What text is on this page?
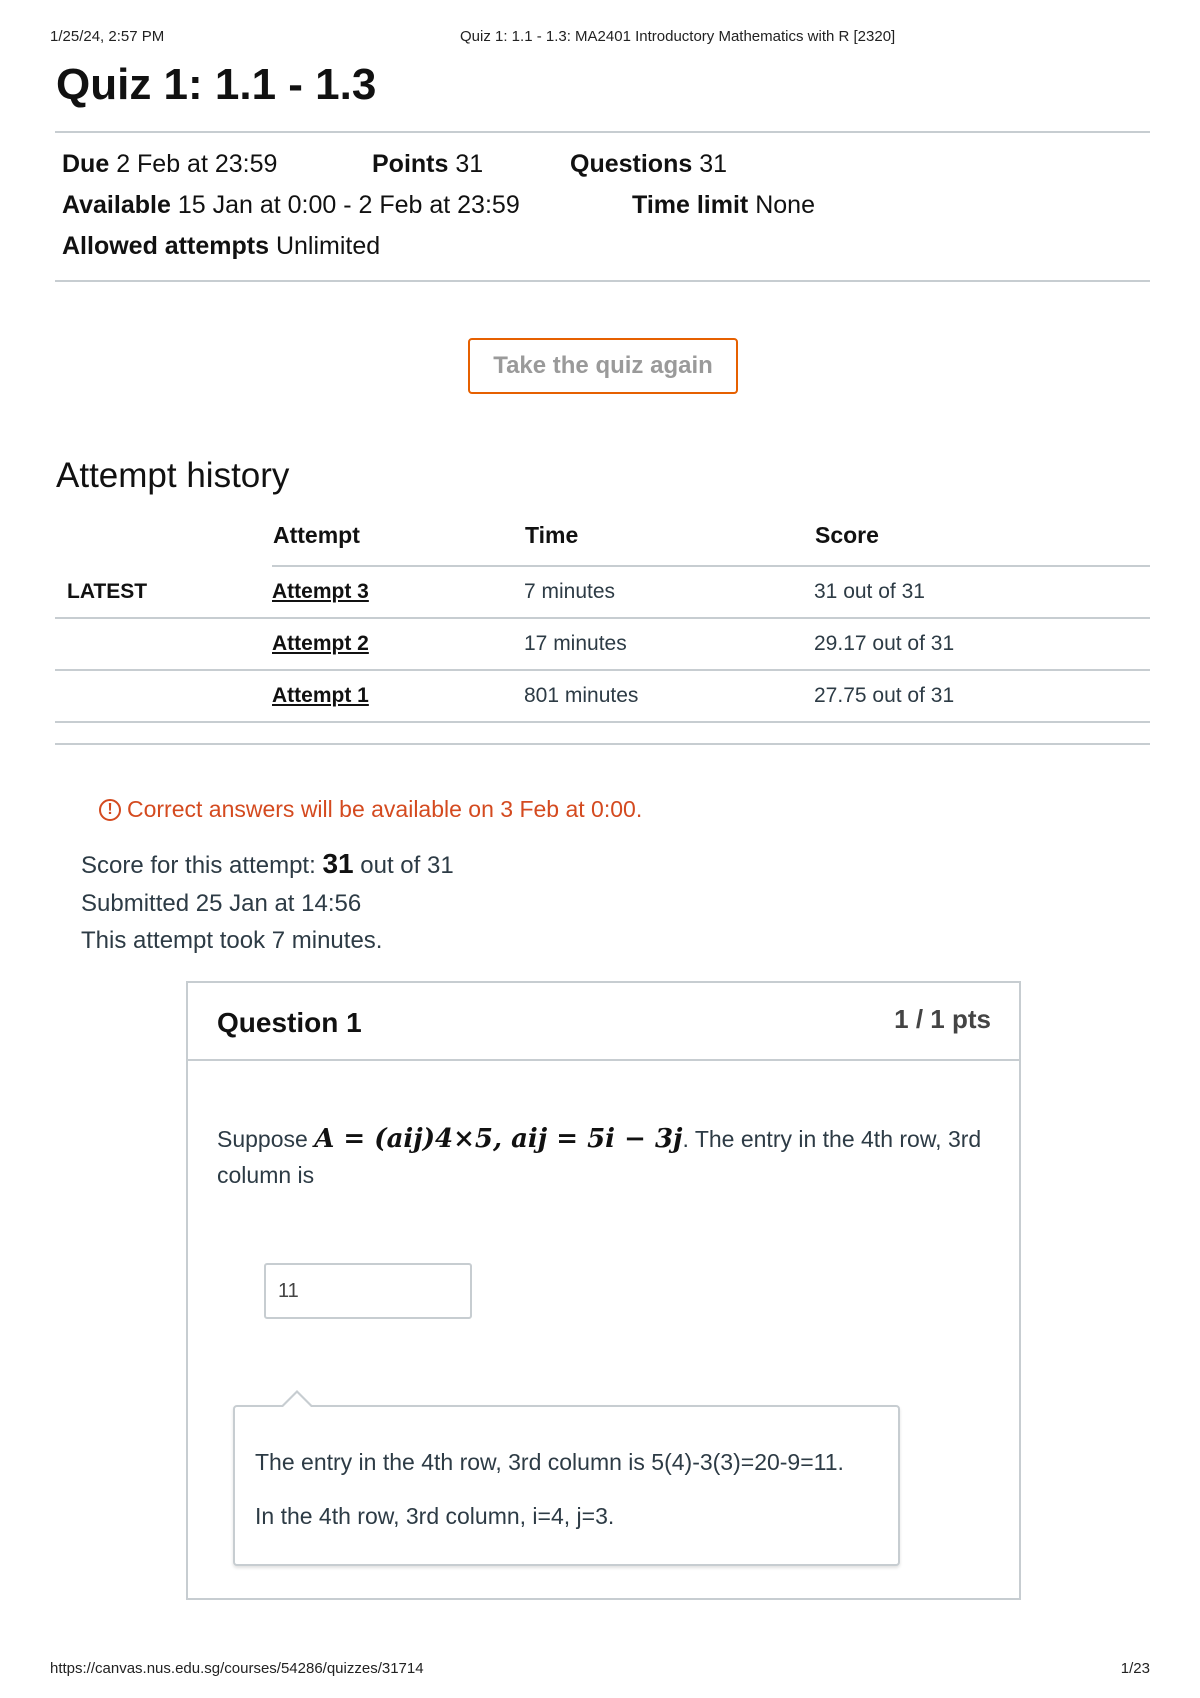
1/25/24, 2:57 PM	Quiz 1: 1.1 - 1.3: MA2401 Introductory Mathematics with R [2320]
Quiz 1: 1.1 - 1.3
Due 2 Feb at 23:59	Points 31	Questions 31
Available 15 Jan at 0:00 - 2 Feb at 23:59	Time limit None
Allowed attempts Unlimited
Take the quiz again
Attempt history
	Attempt	Time	Score
LATEST	Attempt 3	7 minutes	31 out of 31
	Attempt 2	17 minutes	29.17 out of 31
	Attempt 1	801 minutes	27.75 out of 31
! Correct answers will be available on 3 Feb at 0:00.
Score for this attempt: 31 out of 31
Submitted 25 Jan at 14:56
This attempt took 7 minutes.
Question 1	1 / 1 pts
Suppose A = (aij)4×5, aij = 5i − 3j. The entry in the 4th row, 3rd column is
11

The entry in the 4th row, 3rd column is 5(4)-3(3)=20-9=11.

In the 4th row, 3rd column, i=4, j=3.

https://canvas.nus.edu.sg/courses/54286/quizzes/31714	1/23
